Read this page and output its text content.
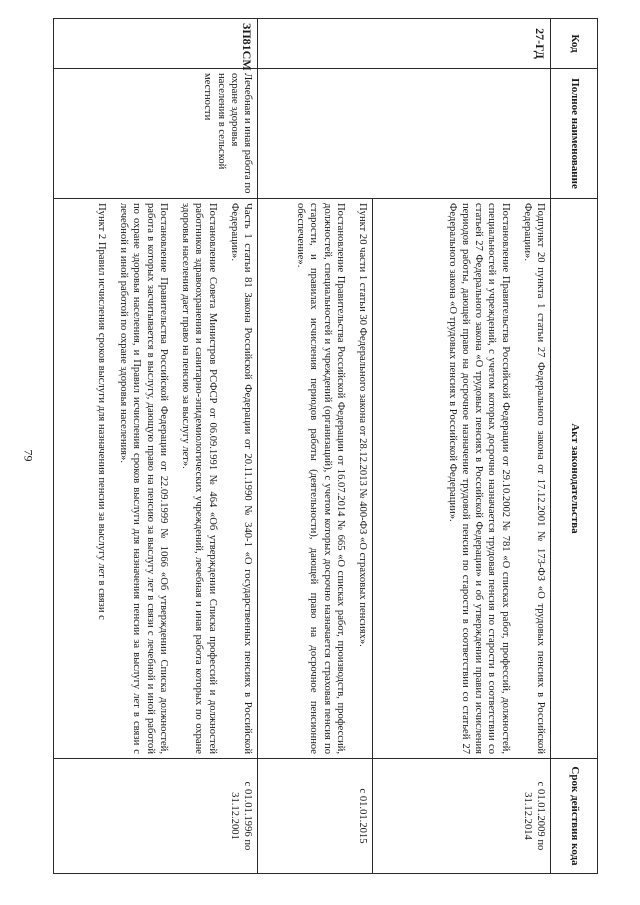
79
Код	Полное наименование	Акт законодательства	Срок действия кода
27-ГД		Подпункт 20 пункта 1 статьи 27 Федерального закона от 17.12.2001 № 173-ФЗ «О трудовых пенсиях в Российской Федерации».

Постановление Правительства Российской Федерации от 29.10.2002 № 781 «О списках работ, профессий, должностей, специальностей и учреждений, с учетом которых досрочно назначается трудовая пенсия по старости в соответствии со статьей 27 Федерального закона «О трудовых пенсиях в Российской Федерации» и об утверждении правил исчисления периодов работы, дающей право на досрочное назначение трудовой пенсии по старости в соответствии со статьей 27 Федерального закона «О трудовых пенсиях в Российской Федерации».	с 01.01.2009 по 31.12.2014

		Пункт 20 части 1 статьи 30 Федерального закона от 28.12.2013 № 400-ФЗ «О страховых пенсиях».

Постановление Правительства Российской Федерации от 16.07.2014 № 665 «О списках работ, производств, профессий, должностей, специальностей и учреждений (организаций), с учетом которых досрочно назначается страховая пенсия по старости, и правилах исчисления периодов работы (деятельности), дающей право на досрочное пенсионное обеспечение».	с 01.01.2015
ЗП81СМ	Лечебная и иная работа по охране здоровья населения в сельской местности	Часть 1 статьи 81 Закона Российской Федерации от 20.11.1990 № 340-1 «О государственных пенсиях в Российской Федерации».

Постановление Совета Министров РСФСР от 06.09.1991 № 464 «Об утверждении Списка профессий и должностей работников здравоохранения и санитарно-эпидемиологических учреждений, лечебная и иная работа которых по охране здоровья населения дает право на пенсию за выслугу лет».

Постановление Правительства Российской Федерации от 22.09.1999 № 1066 «Об утверждении Списка должностей, работа в которых засчитывается в выслугу, дающую право на пенсию за выслугу лет в связи с лечебной и иной работой по охране здоровья населения, и Правил исчисления сроков выслуги для назначения пенсии за выслугу лет в связи с лечебной и иной работой по охране здоровья населения».

Пункт 2 Правил исчисления сроков выслуги для назначения пенсии за выслугу лет в связи с	с 01.01.1996 по 31.12.2001
